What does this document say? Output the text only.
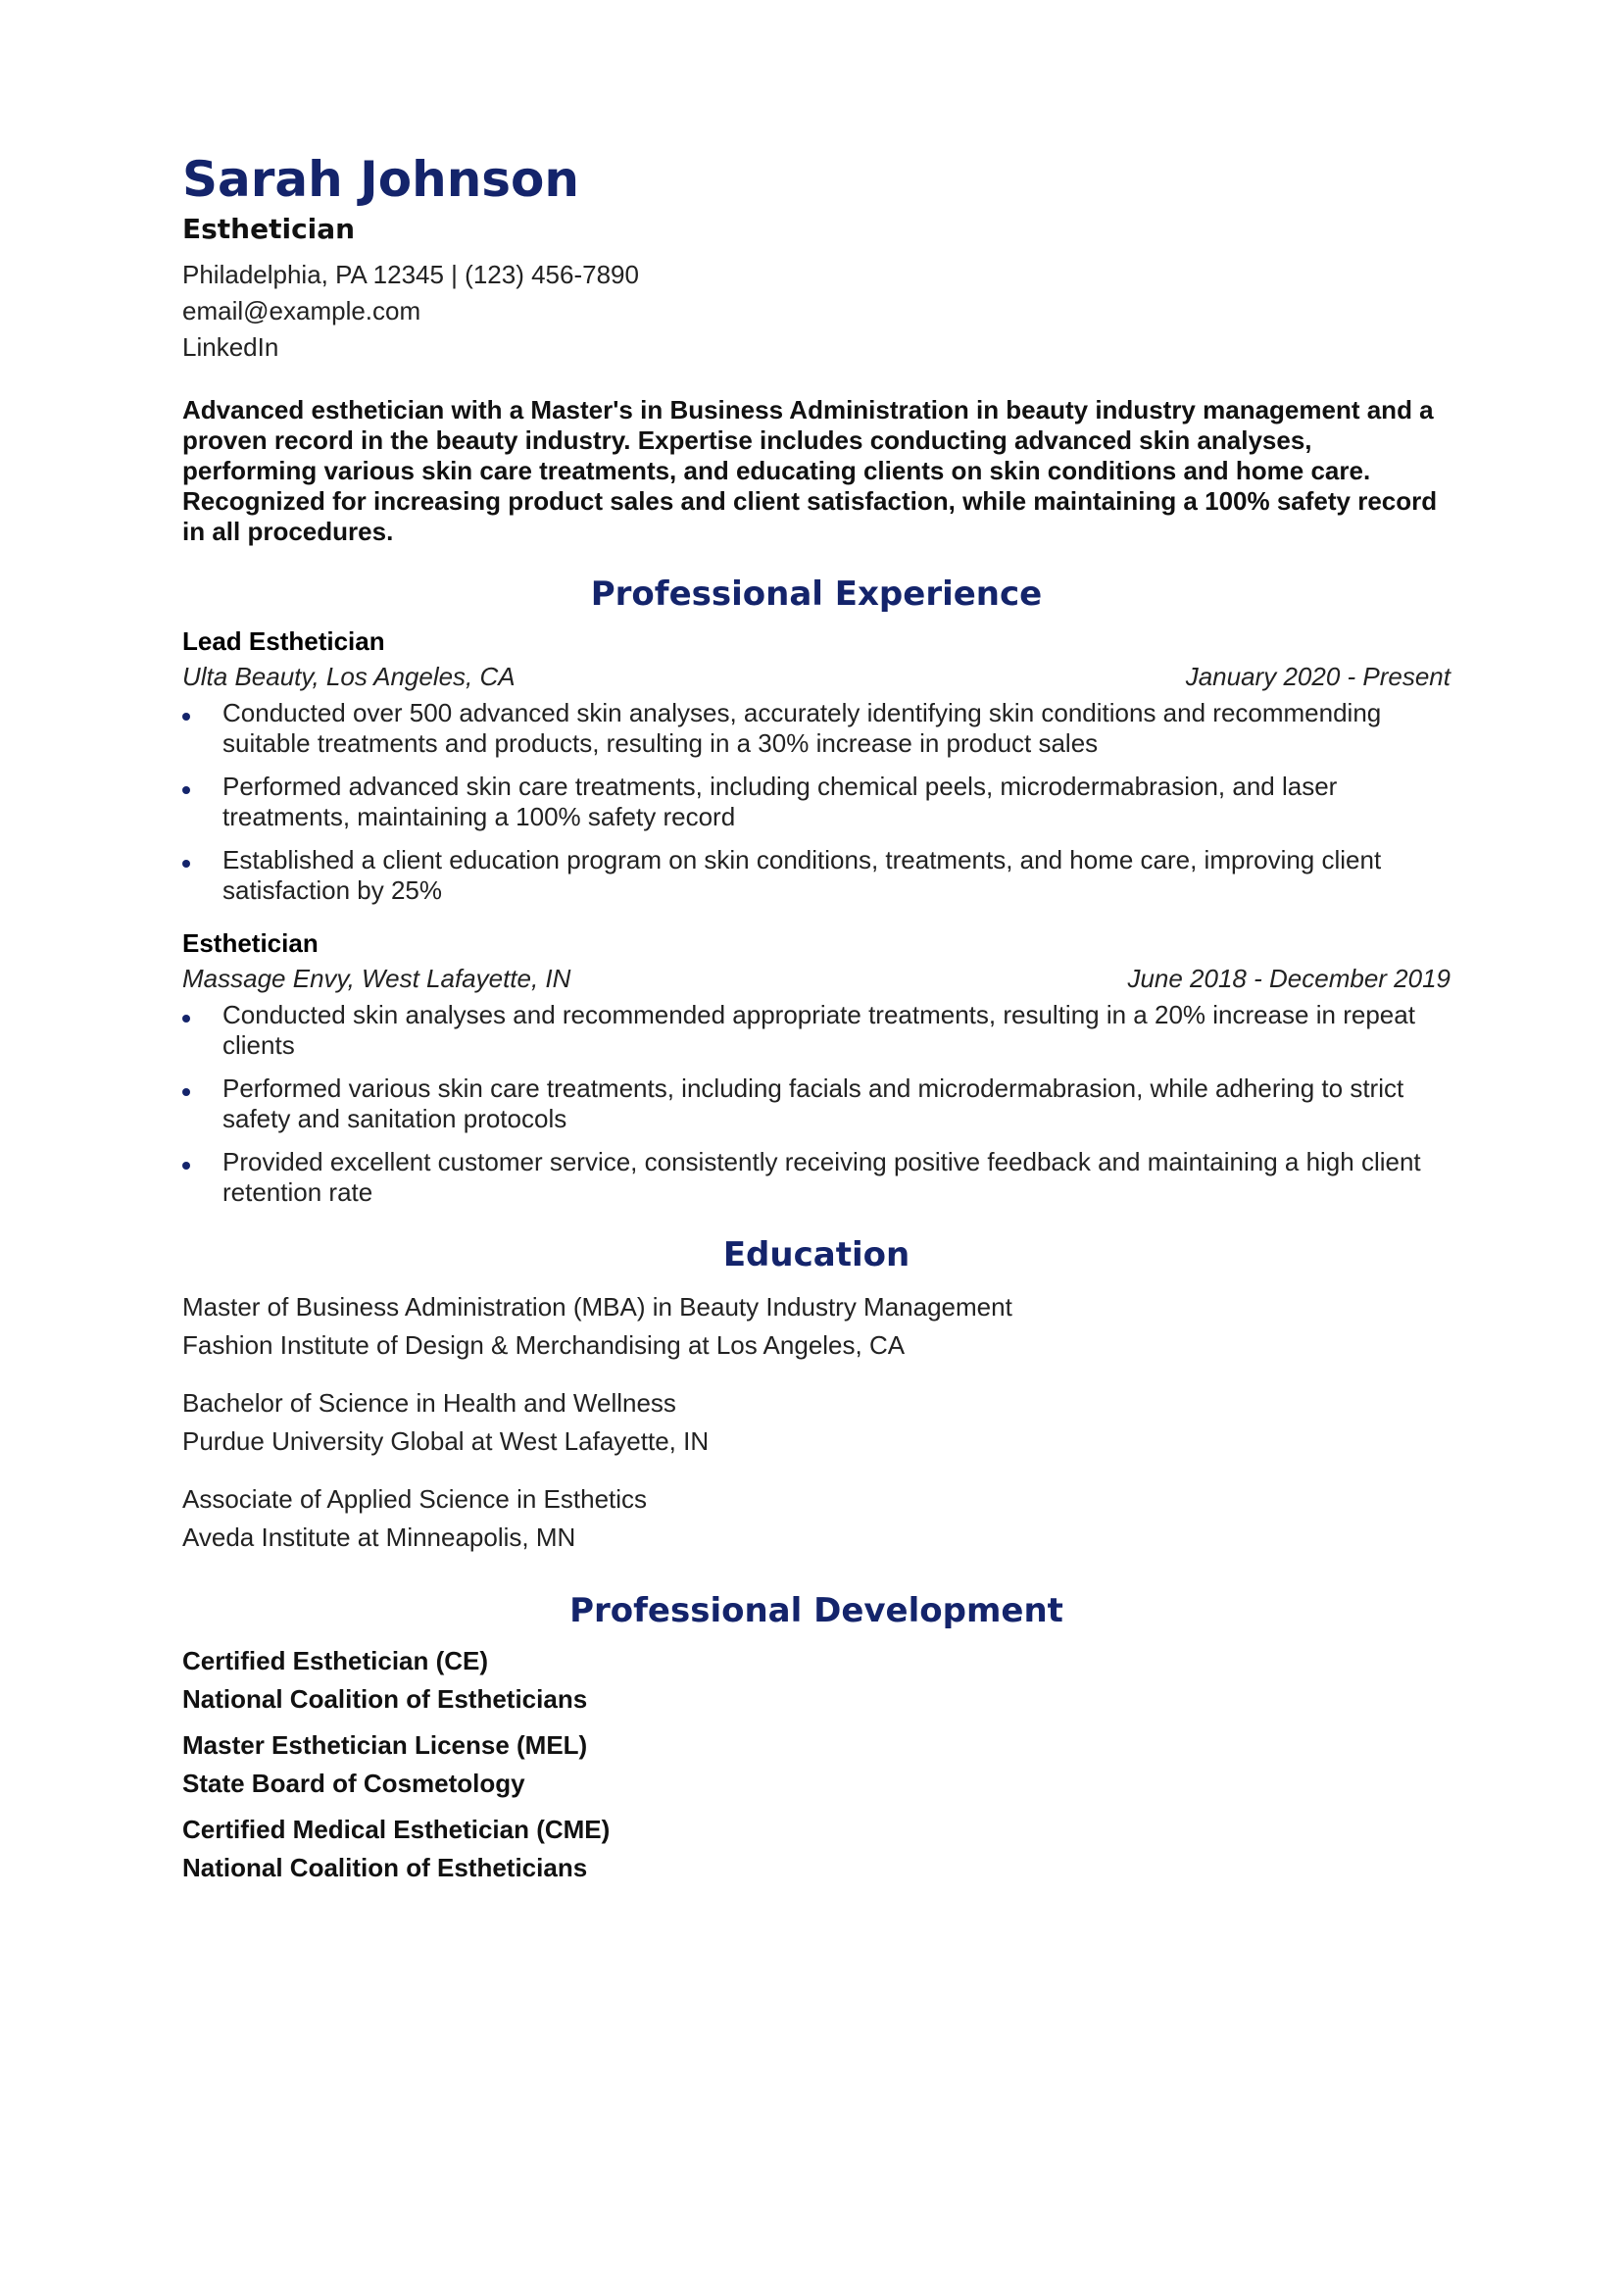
Sarah Johnson

Esthetician

Philadelphia, PA 12345 | (123) 456-7890

email@example.com

LinkedIn

Advanced esthetician with a Master's in Business Administration in beauty industry management and a proven record in the beauty industry. Expertise includes conducting advanced skin analyses, performing various skin care treatments, and educating clients on skin conditions and home care. Recognized for increasing product sales and client satisfaction, while maintaining a 100% safety record in all procedures.

Professional Experience

Lead Esthetician

Ulta Beauty, Los Angeles, CA	January 2020 - Present
Conducted over 500 advanced skin analyses, accurately identifying skin conditions and recommending suitable treatments and products, resulting in a 30% increase in product sales
Performed advanced skin care treatments, including chemical peels, microdermabrasion, and laser treatments, maintaining a 100% safety record
Established a client education program on skin conditions, treatments, and home care, improving client satisfaction by 25%

Esthetician

Massage Envy, West Lafayette, IN	June 2018 - December 2019
Conducted skin analyses and recommended appropriate treatments, resulting in a 20% increase in repeat clients
Performed various skin care treatments, including facials and microdermabrasion, while adhering to strict safety and sanitation protocols
Provided excellent customer service, consistently receiving positive feedback and maintaining a high client retention rate
Education

Master of Business Administration (MBA) in Beauty Industry Management

Fashion Institute of Design & Merchandising at Los Angeles, CA

Bachelor of Science in Health and Wellness

Purdue University Global at West Lafayette, IN

Associate of Applied Science in Esthetics

Aveda Institute at Minneapolis, MN

Professional Development

Certified Esthetician (CE)

National Coalition of Estheticians

Master Esthetician License (MEL)

State Board of Cosmetology

Certified Medical Esthetician (CME)

National Coalition of Estheticians
